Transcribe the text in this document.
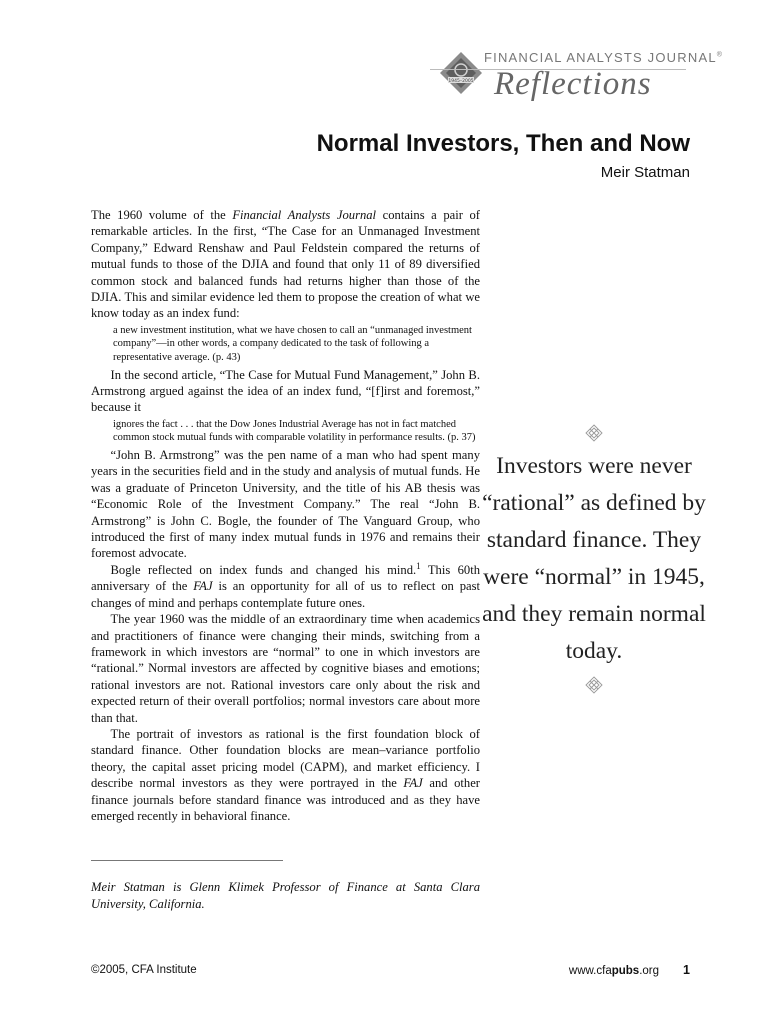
1945–2005
FINANCIAL ANALYSTS JOURNAL®
Reflections
Normal Investors, Then and Now
Meir Statman

The 1960 volume of the Financial Analysts Journal contains a pair of remarkable articles. In the first, “The Case for an Unmanaged Investment Company,” Edward Renshaw and Paul Feldstein compared the returns of mutual funds to those of the DJIA and found that only 11 of 89 diversified common stock and balanced funds had returns higher than those of the DJIA. This and similar evidence led them to propose the creation of what we know today as an index fund:

a new investment institution, what we have chosen to call an “unmanaged investment company”—in other words, a company dedicated to the task of following a representative average. (p. 43)

In the second article, “The Case for Mutual Fund Management,” John B. Armstrong argued against the idea of an index fund, “[f]irst and foremost,” because it

ignores the fact . . . that the Dow Jones Industrial Average has not in fact matched common stock mutual funds with comparable volatility in performance results. (p. 37)

“John B. Armstrong” was the pen name of a man who had spent many years in the securities field and in the study and analysis of mutual funds. He was a graduate of Princeton University, and the title of his AB thesis was “Economic Role of the Investment Company.” The real “John B. Armstrong” is John C. Bogle, the founder of The Vanguard Group, who introduced the first of many index mutual funds in 1976 and remains their foremost advocate.

Bogle reflected on index funds and changed his mind.$^1$ This 60th anniversary of the FAJ is an opportunity for all of us to reflect on past changes of mind and perhaps contemplate future ones.

The year 1960 was the middle of an extraordinary time when academics and practitioners of finance were changing their minds, switching from a framework in which investors are “normal” to one in which investors are “rational.” Normal investors are affected by cognitive biases and emotions; rational investors are not. Rational investors care only about the risk and expected return of their overall portfolios; normal investors care about more than that.

The portrait of investors as rational is the first foundation block of standard finance. Other foundation blocks are mean–variance portfolio theory, the capital asset pricing model (CAPM), and market efficiency. I describe normal investors as they were portrayed in the FAJ and other finance journals before standard finance was introduced and as they have emerged recently in behavioral finance.

Investors were never “rational” as defined by standard finance. They were “normal” in 1945, and they remain normal today.
Meir Statman is Glenn Klimek Professor of Finance at Santa Clara University, California.
©2005, CFA Institute	www.cfapubs.org 1
